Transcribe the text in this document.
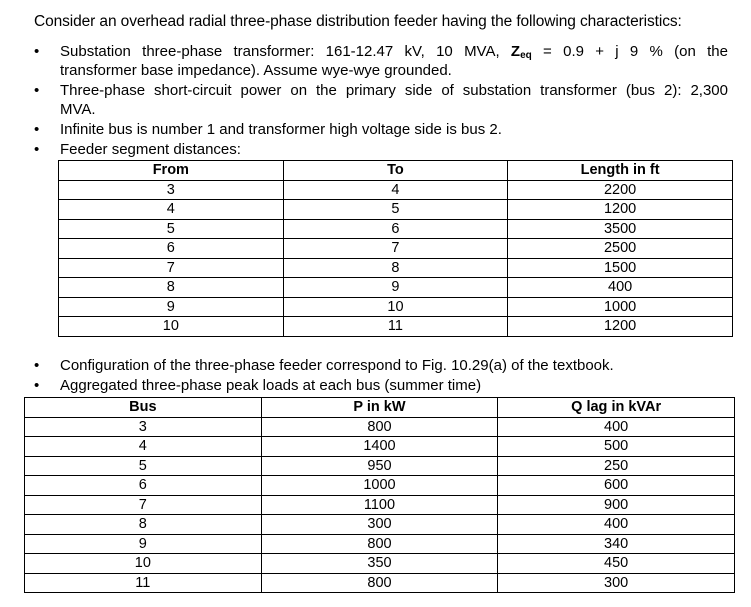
Consider an overhead radial three-phase distribution feeder having the following characteristics:
•	Substation three-phase transformer: 161-12.47 kV, 10 MVA, $Z_{eq} = 0.9 + j$ 9 % (on the
transformer base impedance). Assume wye-wye grounded.
•	Three-phase short-circuit power on the primary side of substation transformer (bus 2): 2,300
MVA.
•	Infinite bus is number 1 and transformer high voltage side is bus 2.
•	Feeder segment distances:
From	To	Length in ft
3	4	2200
4	5	1200
5	6	3500
6	7	2500
7	8	1500
8	9	400
9	10	1000
10	11	1200
•	Configuration of the three-phase feeder correspond to Fig. 10.29(a) of the textbook.
•	Aggregated three-phase peak loads at each bus (summer time)
Bus	P in kW	Q lag in kVAr
3	800	400
4	1400	500
5	950	250
6	1000	600
7	1100	900
8	300	400
9	800	340
10	350	450
11	800	300
